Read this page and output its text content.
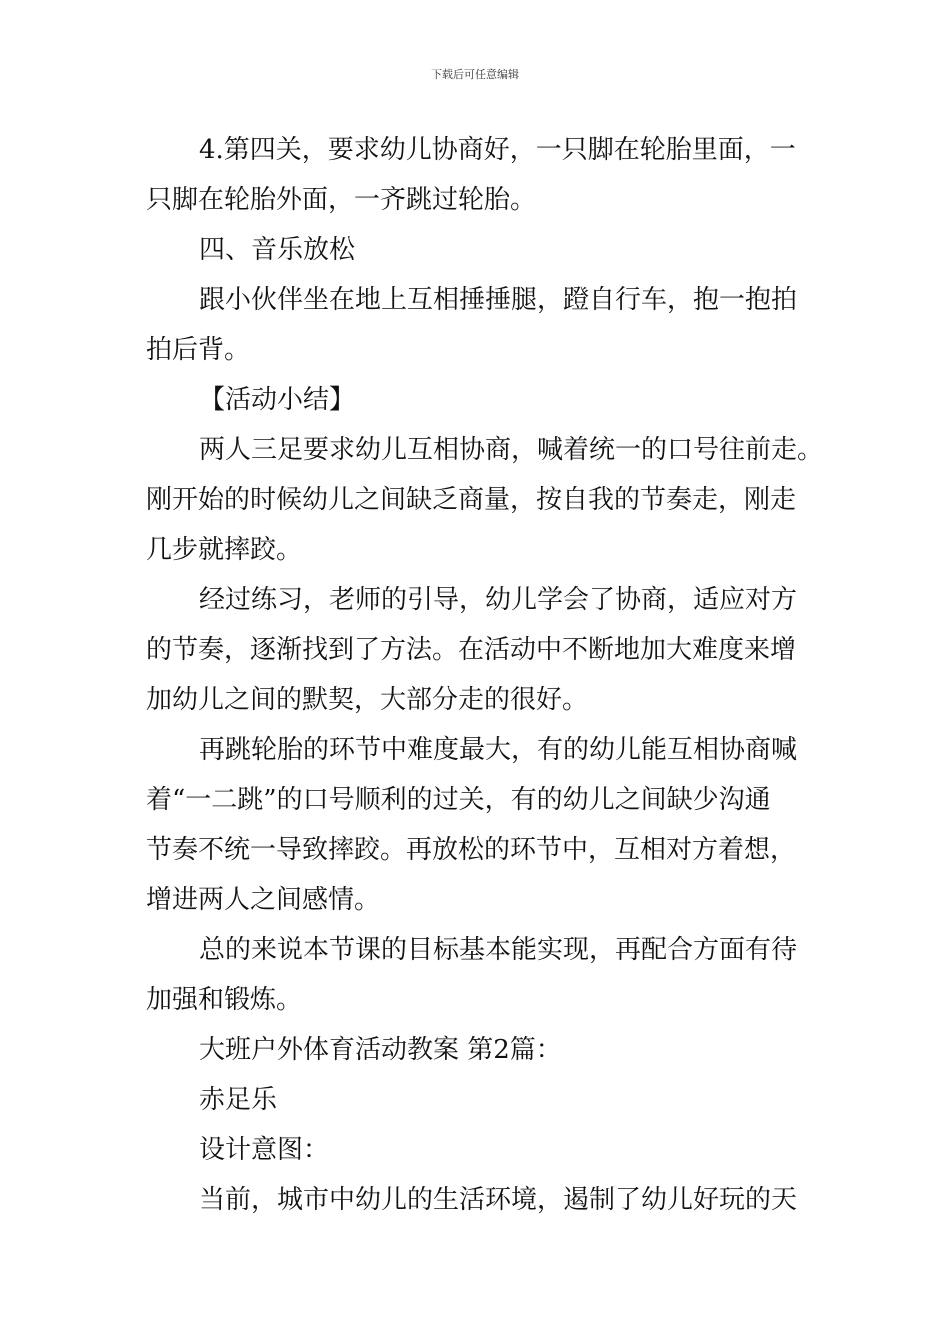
下载后可任意编辑
4.第四关，要求幼儿协商好，一只脚在轮胎里面，一
只脚在轮胎外面，一齐跳过轮胎。
四、音乐放松
跟小伙伴坐在地上互相捶捶腿，蹬自行车，抱一抱拍
拍后背。
【活动小结】
两人三足要求幼儿互相协商，喊着统一的口号往前走。
刚开始的时候幼儿之间缺乏商量，按自我的节奏走，刚走
几步就摔跤。
经过练习，老师的引导，幼儿学会了协商，适应对方
的节奏，逐渐找到了方法。在活动中不断地加大难度来增
加幼儿之间的默契，大部分走的很好。
再跳轮胎的环节中难度最大，有的幼儿能互相协商喊
着“一二跳”的口号顺利的过关，有的幼儿之间缺少沟通
节奏不统一导致摔跤。再放松的环节中，互相对方着想，
增进两人之间感情。
总的来说本节课的目标基本能实现，再配合方面有待
加强和锻炼。
大班户外体育活动教案 第2篇：
赤足乐
设计意图：
当前，城市中幼儿的生活环境，遏制了幼儿好玩的天
